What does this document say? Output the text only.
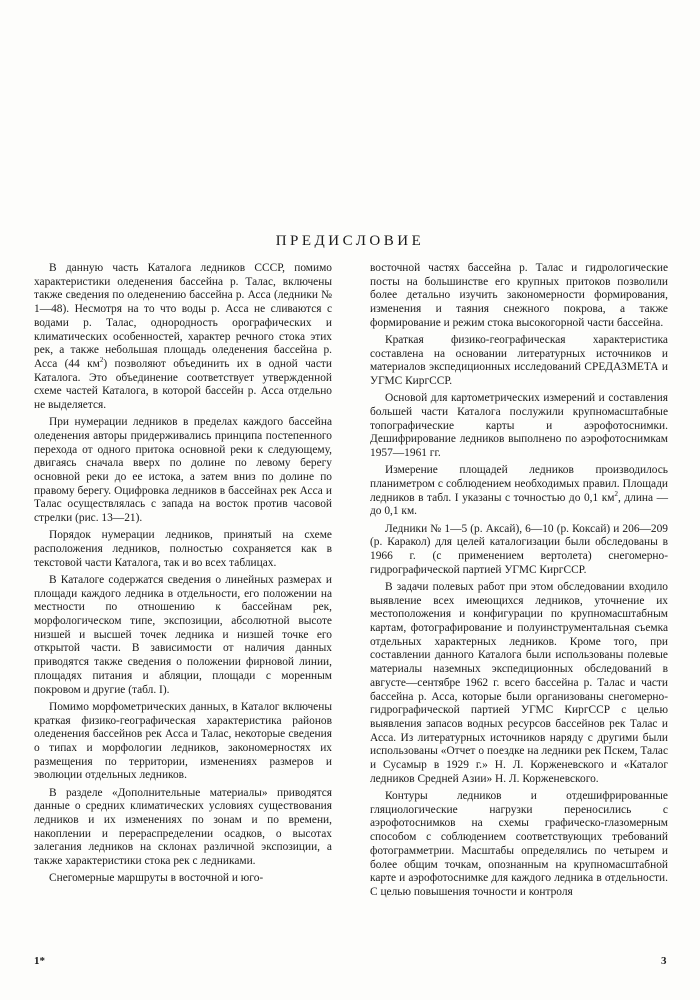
ПРЕДИСЛОВИЕ

В данную часть Каталога ледников СССР, помимо характеристики оледенения бассейна р. Талас, включены также сведения по оледенению бассейна р. Асса (ледники № 1—48). Несмотря на то что воды р. Асса не сливаются с водами р. Талас, однородность орографических и климатических особенностей, характер речного стока этих рек, а также небольшая площадь оледенения бассейна р. Асса (44 $км^2$) позволяют объединить их в одной части Каталога. Это объединение соответствует утвержденной схеме частей Каталога, в которой бассейн р. Асса отдельно не выделяется.

При нумерации ледников в пределах каждого бассейна оледенения авторы придерживались принципа постепенного перехода от одного притока основной реки к следующему, двигаясь сначала вверх по долине по левому берегу основной реки до ее истока, а затем вниз по долине по правому берегу. Оцифровка ледников в бассейнах рек Асса и Талас осуществлялась с запада на восток против часовой стрелки (рис. 13—21).

Порядок нумерации ледников, принятый на схеме расположения ледников, полностью сохраняется как в текстовой части Каталога, так и во всех таблицах.

В Каталоге содержатся сведения о линейных размерах и площади каждого ледника в отдельности, его положении на местности по отношению к бассейнам рек, морфологическом типе, экспозиции, абсолютной высоте низшей и высшей точек ледника и низшей точке его открытой части. В зависимости от наличия данных приводятся также сведения о положении фирновой линии, площадях питания и абляции, площади с моренным покровом и другие (табл. I).

Помимо морфометрических данных, в Каталог включены краткая физико-географическая характеристика районов оледенения бассейнов рек Асса и Талас, некоторые сведения о типах и морфологии ледников, закономерностях их размещения по территории, изменениях размеров и эволюции отдельных ледников.

В разделе «Дополнительные материалы» приводятся данные о средних климатических условиях существования ледников и их изменениях по зонам и по времени, накоплении и перераспределении осадков, о высотах залегания ледников на склонах различной экспозиции, а также характеристики стока рек с ледниками.

Снегомерные маршруты в восточной и юго-

восточной частях бассейна р. Талас и гидрологические посты на большинстве его крупных притоков позволили более детально изучить закономерности формирования, изменения и таяния снежного покрова, а также формирование и режим стока высокогорной части бассейна.

Краткая физико-географическая характеристика составлена на основании литературных источников и материалов экспедиционных исследований СРЕДАЗМЕТА и УГМС КиргССР.

Основой для картометрических измерений и составления большей части Каталога послужили крупномасштабные топографические карты и аэрофотоснимки. Дешифрирование ледников выполнено по аэрофотоснимкам 1957—1961 гг.

Измерение площадей ледников производилось планиметром с соблюдением необходимых правил. Площади ледников в табл. I указаны с точностью до 0,1 $км^2$, длина — до 0,1 км.

Ледники № 1—5 (р. Аксай), 6—10 (р. Коксай) и 206—209 (р. Каракол) для целей каталогизации были обследованы в 1966 г. (с применением вертолета) снегомерно-гидрографической партией УГМС КиргССР.

В задачи полевых работ при этом обследовании входило выявление всех имеющихся ледников, уточнение их местоположения и конфигурации по крупномасштабным картам, фотографирование и полуинструментальная съемка отдельных характерных ледников. Кроме того, при составлении данного Каталога были использованы полевые материалы наземных экспедиционных обследований в августе—сентябре 1962 г. всего бассейна р. Талас и части бассейна р. Асса, которые были организованы снегомерно-гидрографической партией УГМС КиргССР с целью выявления запасов водных ресурсов бассейнов рек Талас и Асса. Из литературных источников наряду с другими были использованы «Отчет о поездке на ледники рек Пскем, Талас и Сусамыр в 1929 г.» Н. Л. Корженевского и «Каталог ледников Средней Азии» Н. Л. Корженевского.

Контуры ледников и отдешифрированные гляциологические нагрузки переносились с аэрофотоснимков на схемы графическо-глазомерным способом с соблюдением соответствующих требований фотограмметрии. Масштабы определялись по четырем и более общим точкам, опознанным на крупномасштабной карте и аэрофотоснимке для каждого ледника в отдельности. С целью повышения точности и контроля

1*	3
